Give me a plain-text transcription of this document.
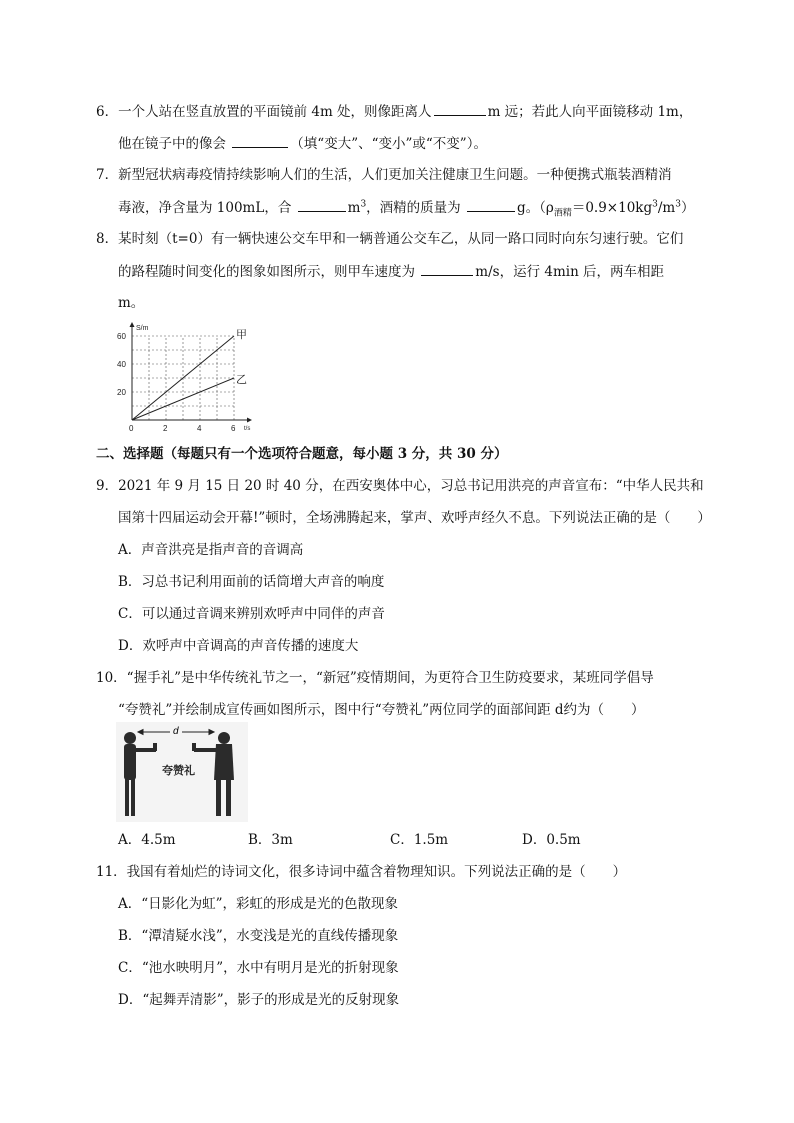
6．一个人站在竖直放置的平面镜前 4m 处，则像距离人	m 远；若此人向平面镜移动 1m，
他在镜子中的像会	（填“变大”、“变小”或“不变”）。
7．新型冠状病毒疫情持续影响人们的生活，人们更加关注健康卫生问题。一种便携式瓶装酒精消
毒液，净含量为 100mL，合	$m^3$，酒精的质量为	g。$(\rho_{酒精}=0.9\times 10kg^3/m^3)$
8．某时刻（t=0）有一辆快速公交车甲和一辆普通公交车乙，从同一路口同时向东匀速行驶。它们
的路程随时间变化的图象如图所示，则甲车速度为	m/s，运行 4min 后，两车相距
m。
S/m
t/s
0	2	4	6
20
40
60	甲
乙
二、选择题（每题只有一个选项符合题意，每小题 3 分，共 30 分）
9．2021 年 9 月 15 日 20 时 40 分，在西安奥体中心，习总书记用洪亮的声音宣布：“中华人民共和
国第十四届运动会开幕!”顿时，全场沸腾起来，掌声、欢呼声经久不息。下列说法正确的是（　　）
A．声音洪亮是指声音的音调高
B．习总书记利用面前的话筒增大声音的响度
C．可以通过音调来辨别欢呼声中同伴的声音
D．欢呼声中音调高的声音传播的速度大
10．“握手礼”是中华传统礼节之一，“新冠”疫情期间，为更符合卫生防疫要求，某班同学倡导
“夸赞礼”并绘制成宣传画如图所示，图中行“夸赞礼”两位同学的面部间距 d约为（　　）
d
夸赞礼
A．4.5m	B．3m	C．1.5m	D．0.5m
11．我国有着灿烂的诗词文化，很多诗词中蕴含着物理知识。下列说法正确的是（　　）
A．“日影化为虹”，彩虹的形成是光的色散现象
B．“潭清疑水浅”，水变浅是光的直线传播现象
C．“池水映明月”，水中有明月是光的折射现象
D．“起舞弄清影”，影子的形成是光的反射现象
